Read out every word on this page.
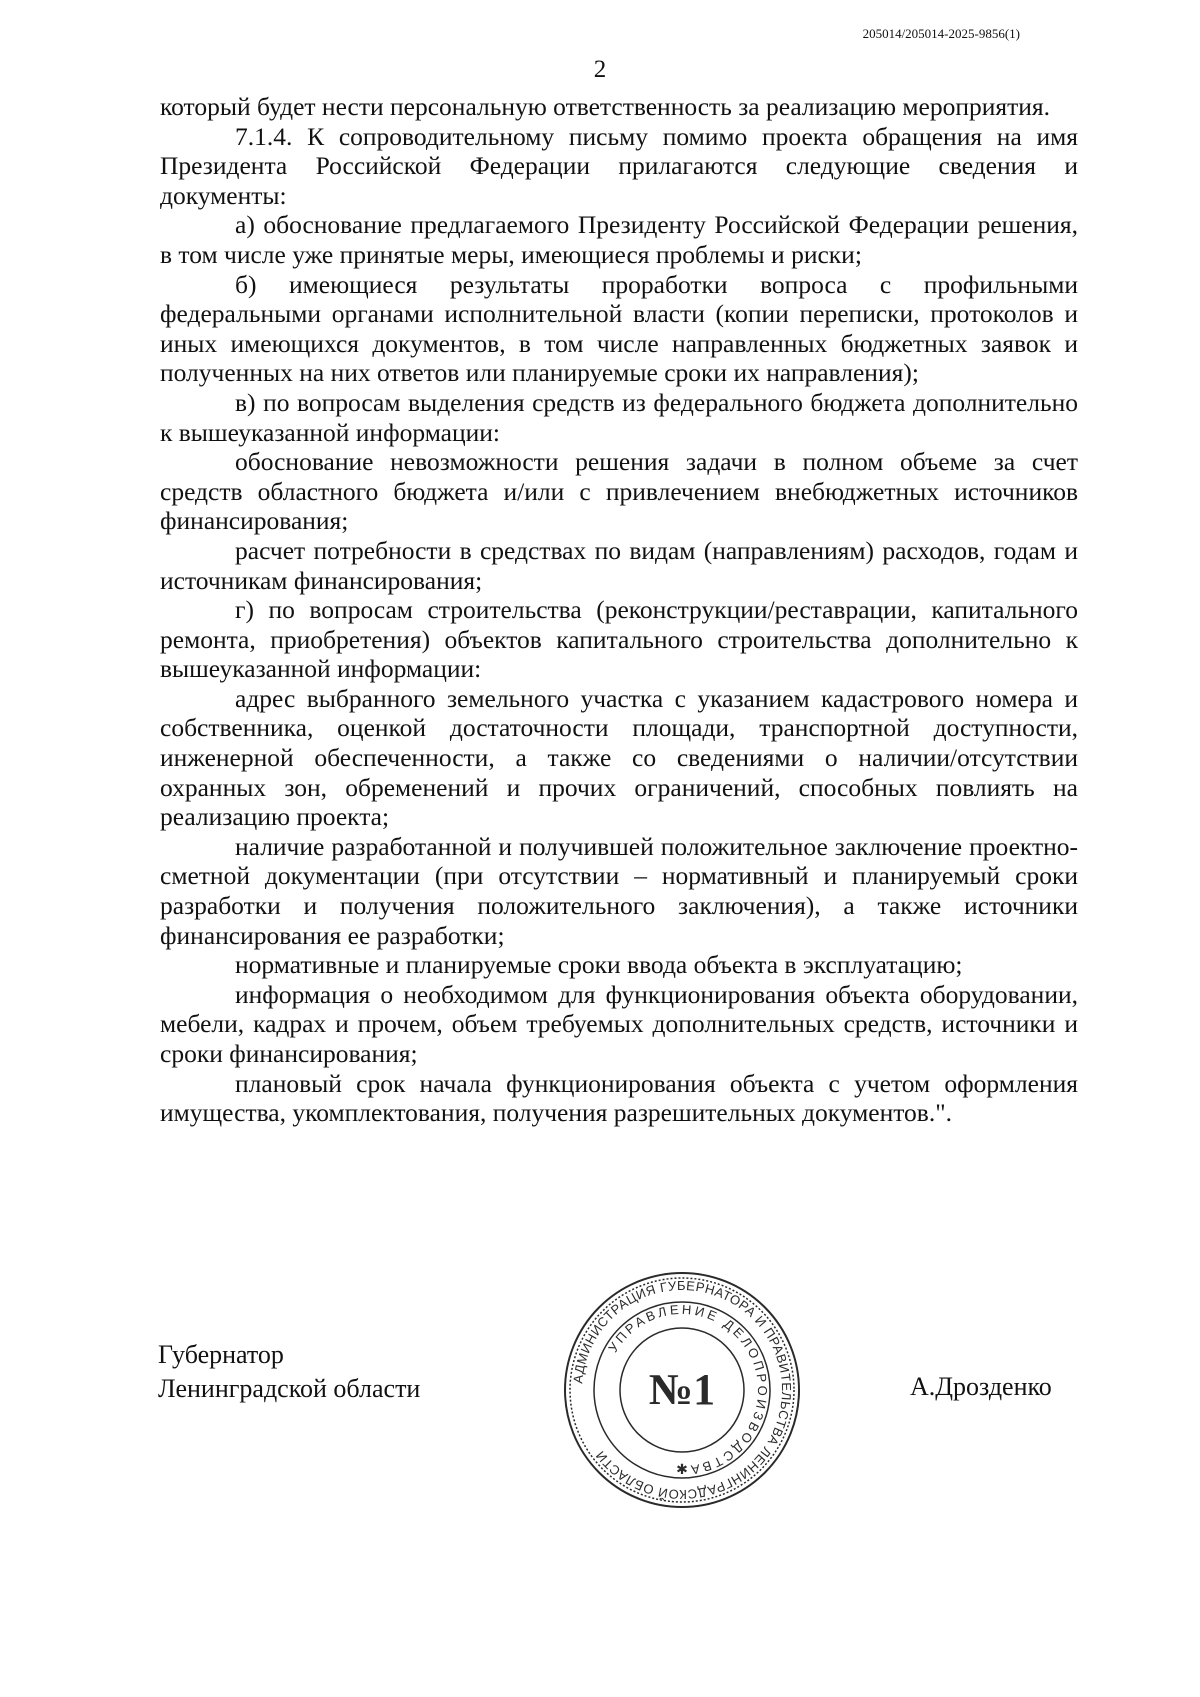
205014/205014-2025-9856(1)
2

который будет нести персональную ответственность за реализацию мероприятия.

7.1.4. К сопроводительному письму помимо проекта обращения на имя Президента Российской Федерации прилагаются следующие сведения и документы:

а) обоснование предлагаемого Президенту Российской Федерации решения, в том числе уже принятые меры, имеющиеся проблемы и риски;

б) имеющиеся результаты проработки вопроса с профильными федеральными органами исполнительной власти (копии переписки, протоколов и иных имеющихся документов, в том числе направленных бюджетных заявок и полученных на них ответов или планируемые сроки их направления);

в) по вопросам выделения средств из федерального бюджета дополнительно к вышеуказанной информации:

обоснование невозможности решения задачи в полном объеме за счет средств областного бюджета и/или с привлечением внебюджетных источников финансирования;

расчет потребности в средствах по видам (направлениям) расходов, годам и источникам финансирования;

г) по вопросам строительства (реконструкции/реставрации, капитального ремонта, приобретения) объектов капитального строительства дополнительно к вышеуказанной информации:

адрес выбранного земельного участка с указанием кадастрового номера и собственника, оценкой достаточности площади, транспортной доступности, инженерной обеспеченности, а также со сведениями о наличии/отсутствии охранных зон, обременений и прочих ограничений, способных повлиять на реализацию проекта;

наличие разработанной и получившей положительное заключение проектно-сметной документации (при отсутствии – нормативный и планируемый сроки разработки и получения положительного заключения), а также источники финансирования ее разработки;

нормативные и планируемые сроки ввода объекта в эксплуатацию;

информация о необходимом для функционирования объекта оборудовании, мебели, кадрах и прочем, объем требуемых дополнительных средств, источники и сроки финансирования;

плановый срок начала функционирования объекта с учетом оформления имущества, укомплектования, получения разрешительных документов.".

Губернатор
Ленинградской области	А.Дрозденко
АДМИНИСТРАЦИЯ ГУБЕРНАТОРА И ПРАВИТЕЛЬСТВА ЛЕНИНГРАДСКОЙ ОБЛАСТИ
УПРАВЛЕНИЕ ДЕЛОПРОИЗВОДСТВА
№1
✱
